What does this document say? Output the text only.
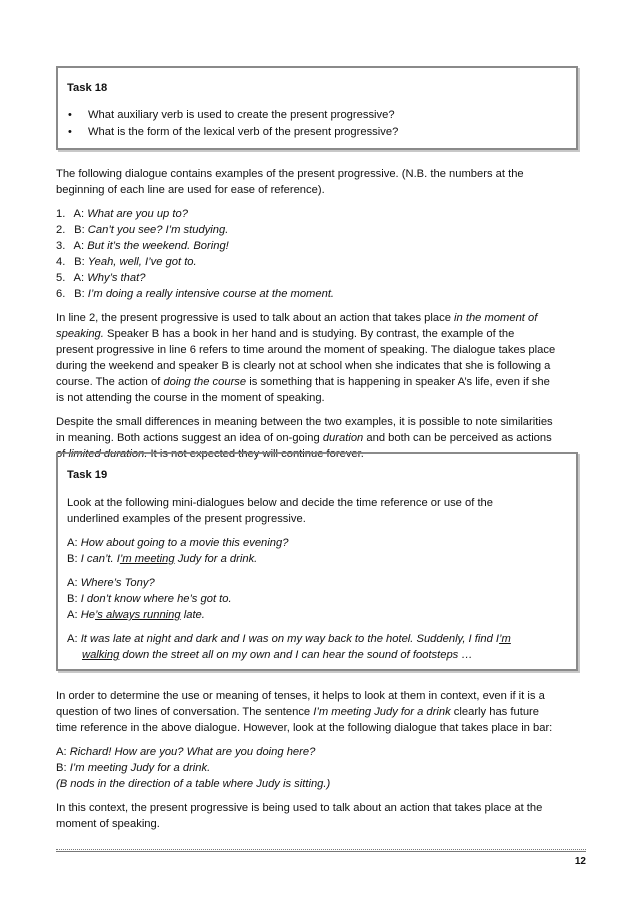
Task 18
• What auxiliary verb is used to create the present progressive?
• What is the form of the lexical verb of the present progressive?
The following dialogue contains examples of the present progressive. (N.B. the numbers at the
beginning of each line are used for ease of reference).
1. A: What are you up to?
2. B: Can’t you see? I’m studying.
3. A: But it’s the weekend. Boring!
4. B: Yeah, well, I’ve got to.
5. A: Why’s that?
6. B: I’m doing a really intensive course at the moment.
In line 2, the present progressive is used to talk about an action that takes place in the moment of
speaking. Speaker B has a book in her hand and is studying. By contrast, the example of the
present progressive in line 6 refers to time around the moment of speaking. The dialogue takes place
during the weekend and speaker B is clearly not at school when she indicates that she is following a
course. The action of doing the course is something that is happening in speaker A’s life, even if she
is not attending the course in the moment of speaking.
Despite the small differences in meaning between the two examples, it is possible to note similarities
in meaning. Both actions suggest an idea of on-going duration and both can be perceived as actions
of limited duration. It is not expected they will continue forever.
Task 19
Look at the following mini-dialogues below and decide the time reference or use of the
underlined examples of the present progressive.
A: How about going to a movie this evening?
B: I can’t. I’m meeting Judy for a drink.
A: Where’s Tony?
B: I don’t know where he’s got to.
A: He’s always running late.
A: It was late at night and dark and I was on my way back to the hotel. Suddenly, I find I’m
walking down the street all on my own and I can hear the sound of footsteps …
In order to determine the use or meaning of tenses, it helps to look at them in context, even if it is a
question of two lines of conversation. The sentence I’m meeting Judy for a drink clearly has future
time reference in the above dialogue. However, look at the following dialogue that takes place in bar:
A: Richard! How are you? What are you doing here?
B: I’m meeting Judy for a drink.
(B nods in the direction of a table where Judy is sitting.)
In this context, the present progressive is being used to talk about an action that takes place at the
moment of speaking.
12
